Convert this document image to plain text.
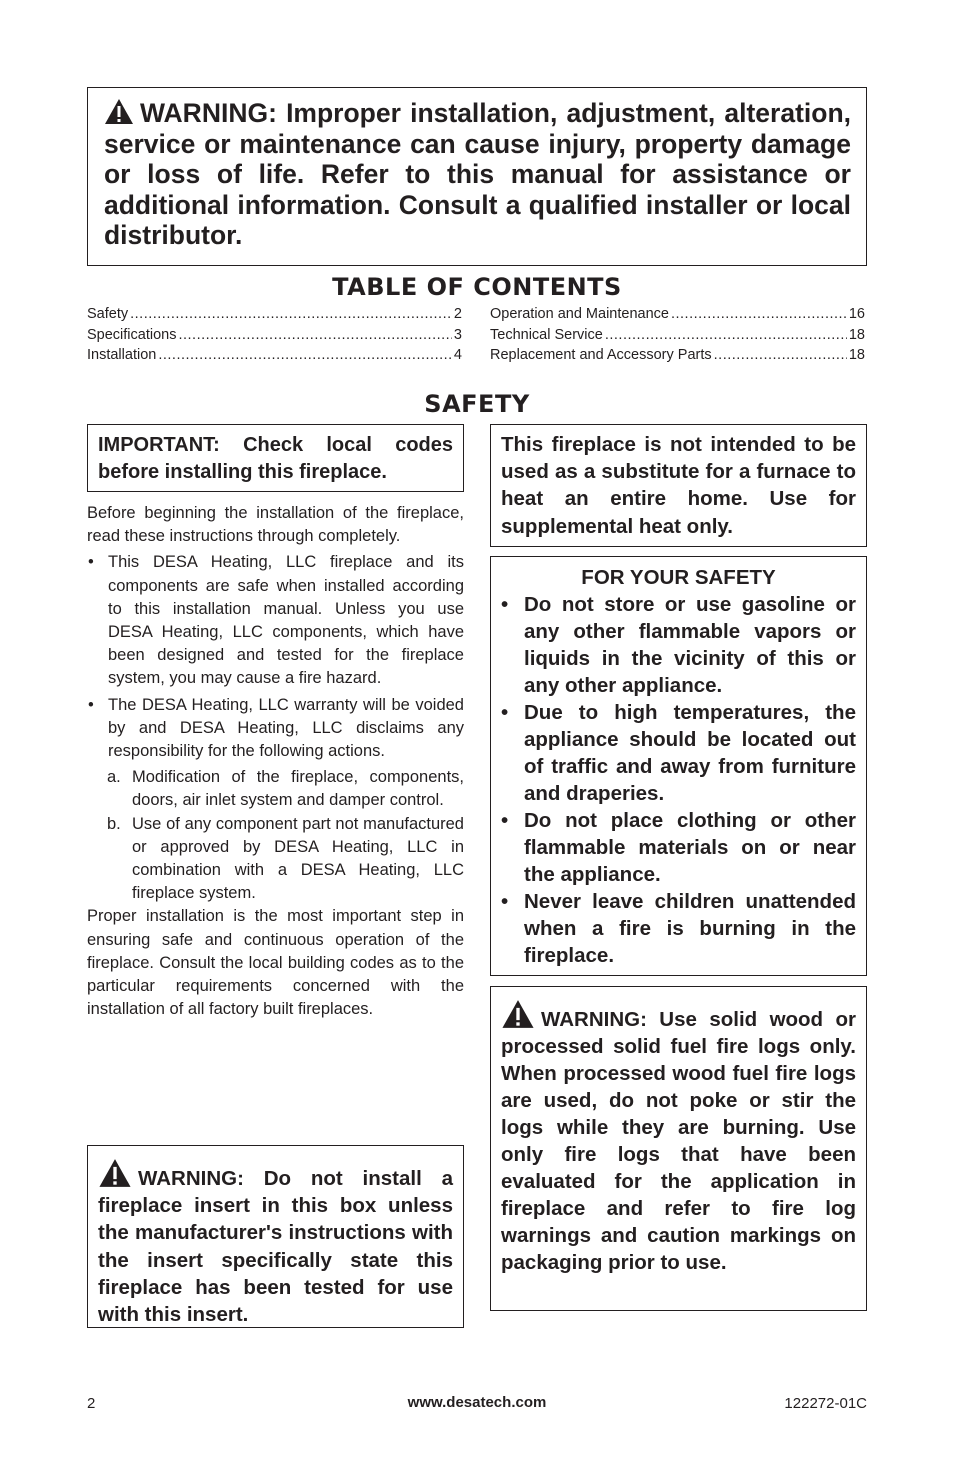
WARNING: Improper installation, adjustment, alteration, service or maintenance can cause injury, property damage or loss of life. Refer to this manual for assistance or additional information. Consult a qualified installer or local distributor.
TABLE OF CONTENTS
Safety .....	2
Specifications .....	3
Installation .....	4
Operation and Maintenance .....	16
Technical Service .....	18
Replacement and Accessory Parts .....	18
SAFETY
IMPORTANT: Check local codes before installing this fireplace.

Before beginning the installation of the fireplace, read these instructions through completely.

• This DESA Heating, LLC fireplace and its components are safe when installed according to this installation manual. Unless you use DESA Heating, LLC components, which have been designed and tested for the fireplace system, you may cause a fire hazard.

• The DESA Heating, LLC warranty will be voided by and DESA Heating, LLC disclaims any responsibility for the following actions.

a. Modification of the fireplace, components, doors, air inlet system and damper control.

b. Use of any component part not manufactured or approved by DESA Heating, LLC in combination with a DESA Heating, LLC fireplace system.

Proper installation is the most important step in ensuring safe and continuous operation of the fireplace. Consult the local building codes as to the particular requirements concerned with the installation of all factory built fireplaces.

WARNING: Do not install a fireplace insert in this box unless the manufacturer's instructions with the insert specifically state this fireplace has been tested for use with this insert.
This fireplace is not intended to be used as a substitute for a furnace to heat an entire home. Use for supplemental heat only.
FOR YOUR SAFETY
• Do not store or use gasoline or any other flammable vapors or liquids in the vicinity of this or any other appliance.
• Due to high temperatures, the appliance should be located out of traffic and away from furniture and draperies.
• Do not place clothing or other flammable materials on or near the appliance.
• Never leave children unattended when a fire is burning in the fireplace.
WARNING: Use solid wood or processed solid fuel fire logs only. When processed wood fuel fire logs are used, do not poke or stir the logs while they are burning. Use only fire logs that have been evaluated for the application in fireplace and refer to fire log warnings and caution markings on packaging prior to use.
2	www.desatech.com	122272-01C
